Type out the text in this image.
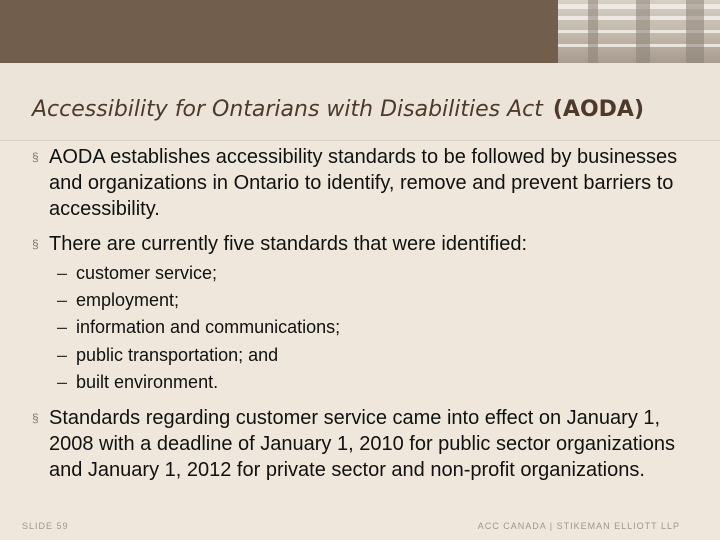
Accessibility for Ontarians with Disabilities Act (AODA)
§ AODA establishes accessibility standards to be followed by businesses and organizations in Ontario to identify, remove and prevent barriers to accessibility.
§ There are currently five standards that were identified:
– customer service;
– employment;
– information and communications;
– public transportation; and
– built environment.
§ Standards regarding customer service came into effect on January 1, 2008 with a deadline of January 1, 2010 for public sector organizations and January 1, 2012 for private sector and non-profit organizations.
SLIDE 59	ACC CANADA | STIKEMAN ELLIOTT LLP
